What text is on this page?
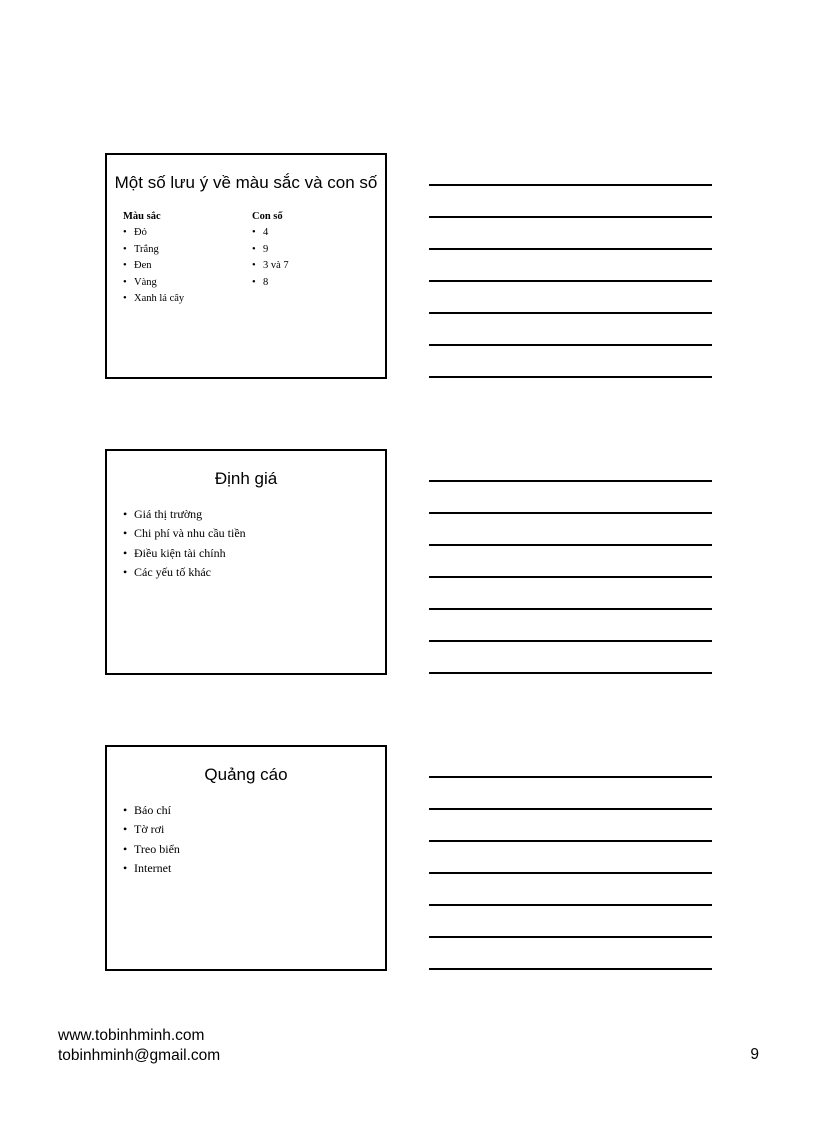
Một số lưu ý về màu sắc và con số
Màu sắc
• Đỏ
• Trắng
• Đen
• Vàng
• Xanh lá cây
Con số
• 4
• 9
• 3 và 7
• 8
Định giá
• Giá thị trường
• Chi phí và nhu cầu tiền
• Điều kiện tài chính
• Các yếu tố khác
Quảng cáo
• Báo chí
• Tờ rơi
• Treo biển
• Internet
www.tobinhminh.com
tobinhminh@gmail.com	9
